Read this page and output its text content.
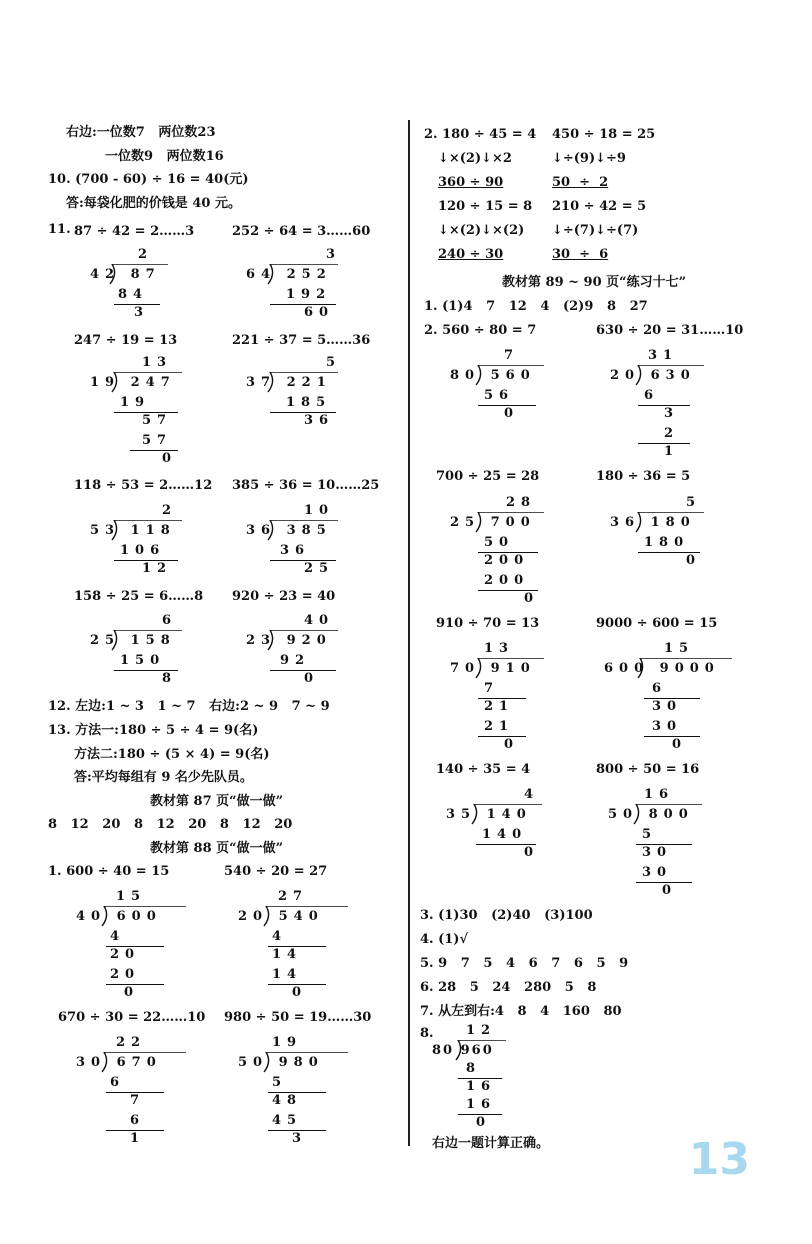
右边:一位数7   两位数23
一位数9   两位数16
10. (700 - 60) ÷ 16 = 40(元)
答:每袋化肥的价钱是 40 元。
11. 87 ÷ 42 = 2……3	252 ÷ 64 = 3……60
2
42 87
84
3
3
64 252
192
60
247 ÷ 19 = 13	221 ÷ 37 = 5……36
13
19 247
19
57
57
0
5
37 221
185
36
118 ÷ 53 = 2……12 385 ÷ 36 = 10……25
2
53 118
106
12
10
36 385
36
25
158 ÷ 25 = 6……8 920 ÷ 23 = 40
6
25 158
150
8
40
23 920
92
0
12. 左边:1 ~ 3   1 ~ 7   右边:2 ~ 9   7 ~ 9
13. 方法一:180 ÷ 5 ÷ 4 = 9(名)
方法二:180 ÷ (5 × 4) = 9(名)
答:平均每组有 9 名少先队员。
教材第 87 页“做一做”
8   12   20   8   12   20   8   12   20
教材第 88 页“做一做”
1. 600 ÷ 40 = 15	540 ÷ 20 = 27
15
40 600
4
20
20
0
27
20 540
4
14
14
0
670 ÷ 30 = 22……10 980 ÷ 50 = 19……30
22
30 670
6
7
6
1
19
50 980
5
48
45
3
2. 180 ÷ 45 = 4 450 ÷ 18 = 25
↓×(2)↓×2	↓÷(9)↓÷9
360 ÷ 90	50  ÷  2
120 ÷ 15 = 8 210 ÷ 42 = 5
↓×(2)↓×(2) ↓÷(7)↓÷(7)
240 ÷ 30	30  ÷  6
教材第 89 ~ 90 页“练习十七”
1. (1)4   7   12   4   (2)9   8   27
2. 560 ÷ 80 = 7	630 ÷ 20 = 31……10
7
80 560
56
0
31
20 630
6
3
2
1
700 ÷ 25 = 28	180 ÷ 36 = 5
28
25 700
50
200
200
0
5
36 180
180
0
910 ÷ 70 = 13	9000 ÷ 600 = 15
13
70 910
7
21
21
0
15
600 9000
6
30
30
0
140 ÷ 35 = 4	800 ÷ 50 = 16
4
35 140
140
0
16
50 800
5
30
30
0
3. (1)30   (2)40   (3)100
4. (1)√
5. 9   7   5   4   6   7   6   5   9
6. 28   5   24   280   5   8
7. 从左到右:4   8   4   160   80
8. 12
80 960
8
16
16
0
右边一题计算正确。	13
